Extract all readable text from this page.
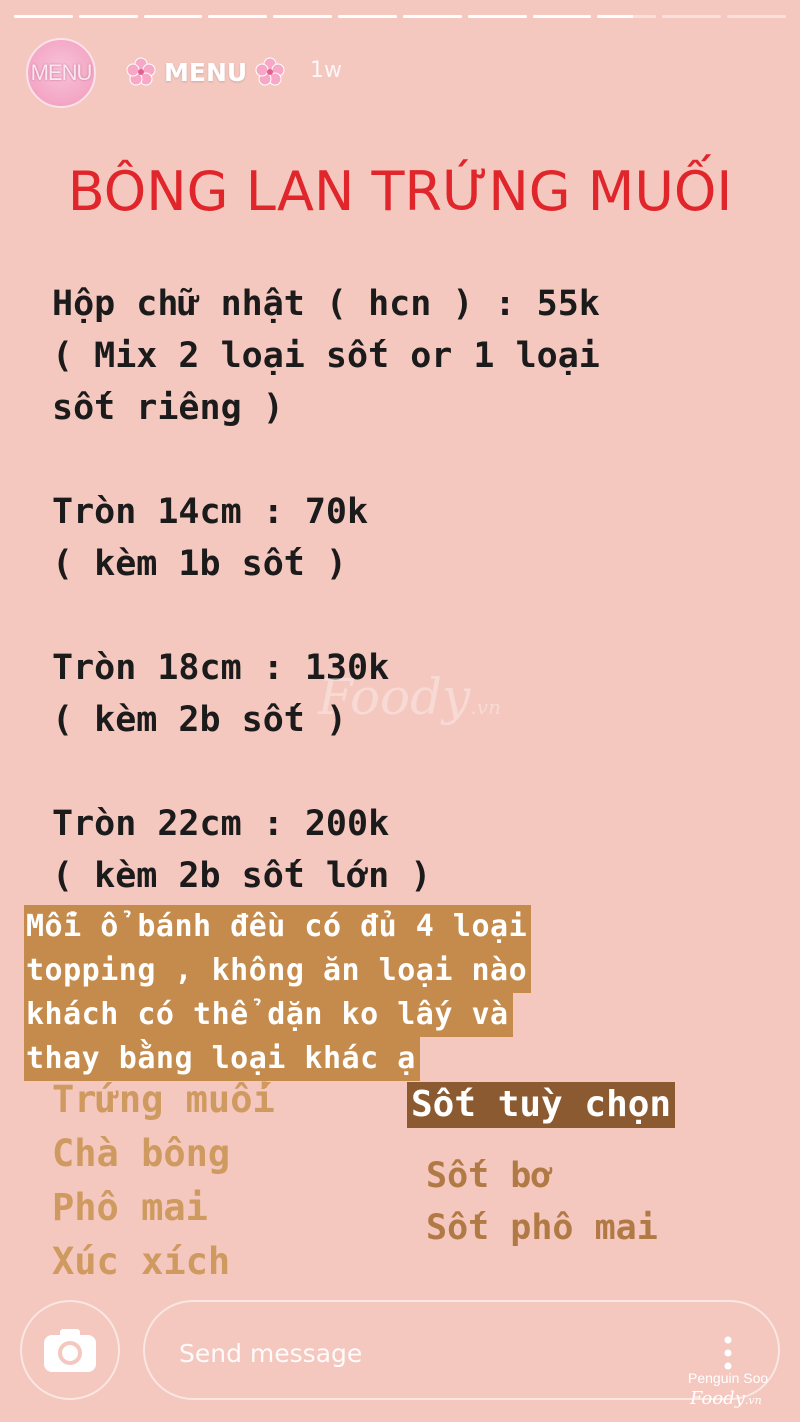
MENU	MENU	1w
BÔNG LAN TRỨNG MUỐI
Hộp chữ nhật ( hcn ) : 55k
( Mix 2 loại sốt or 1 loại
sốt riêng )
Tròn 14cm : 70k
( kèm 1b sốt )
Tròn 18cm : 130k
( kèm 2b sốt )
Tròn 22cm : 200k
( kèm 2b sốt lớn )
Foody.vn
Mỗi ổ bánh đều có đủ 4 loại
topping , không ăn loại nào
khách có thể dặn ko lấy và
thay bằng loại khác ạ
Trứng muối
Chà bông
Phô mai
Xúc xích
Sốt tuỳ chọn
Sốt bơ
Sốt phô mai
Send message
Penguin Soo
Foody.vn
